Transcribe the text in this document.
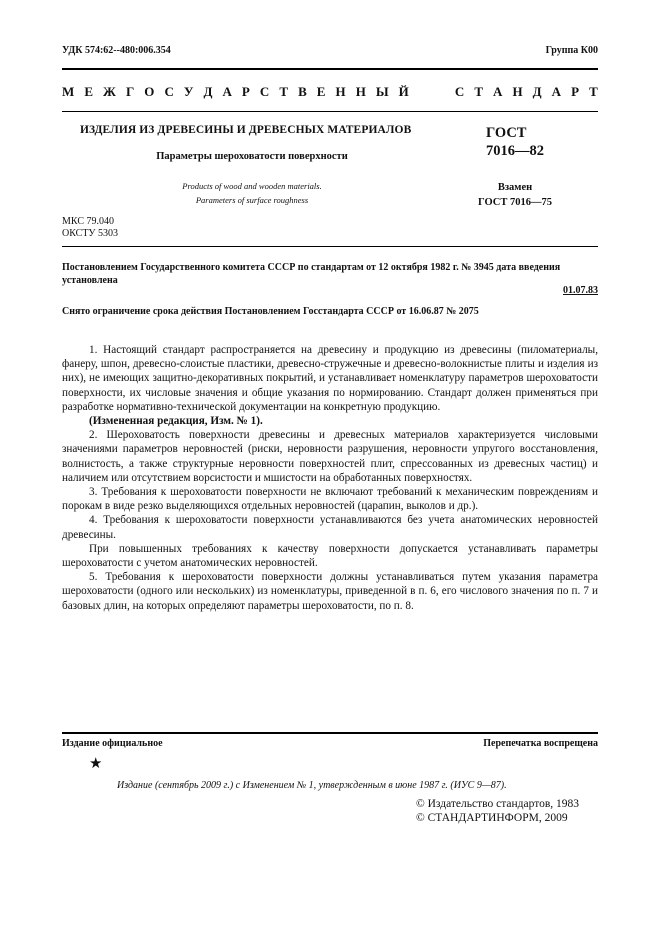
УДК 574:62--480:006.354	Группа К00
М Е Ж Г О С У Д А Р С Т В Е Н Н Ы Й	С Т А Н Д А Р Т
ИЗДЕЛИЯ ИЗ ДРЕВЕСИНЫ И ДРЕВЕСНЫХ МАТЕРИАЛОВ
Параметры шероховатости поверхности
Products of wood and wooden materials.
Parameters of surface roughness
ГОСТ
7016—82
Взамен
ГОСТ 7016—75
МКС 79.040
ОКСТУ 5303
Постановлением Государственного комитета СССР по стандартам от 12 октября 1982 г. № 3945 дата введения установлена
01.07.83
Снято ограничение срока действия Постановлением Госстандарта СССР от 16.06.87 № 2075

1. Настоящий стандарт распространяется на древесину и продукцию из древесины (пиломатериалы, фанеру, шпон, древесно-слоистые пластики, древесно-стружечные и древесно-волокнистые плиты и изделия из них), не имеющих защитно-декоративных покрытий, и устанавливает номенклатуру параметров шероховатости поверхности, их числовые значения и общие указания по нормированию. Стандарт должен применяться при разработке нормативно-технической документации на конкретную продукцию.

(Измененная редакция, Изм. № 1).

2. Шероховатость поверхности древесины и древесных материалов характеризуется числовыми значениями параметров неровностей (риски, неровности разрушения, неровности упругого восстановления, волнистость, а также структурные неровности поверхностей плит, спрессованных из древесных частиц) и наличием или отсутствием ворсистости и мшистости на обработанных поверхностях.

3. Требования к шероховатости поверхности не включают требований к механическим повреждениям и порокам в виде резко выделяющихся отдельных неровностей (царапин, выколов и др.).

4. Требования к шероховатости поверхности устанавливаются без учета анатомических неровностей древесины.

При повышенных требованиях к качеству поверхности допускается устанавливать параметры шероховатости с учетом анатомических неровностей.

5. Требования к шероховатости поверхности должны устанавливаться путем указания параметра шероховатости (одного или нескольких) из номенклатуры, приведенной в п. 6, его числового значения по п. 7 и базовых длин, на которых определяют параметры шероховатости, по п. 8.

Издание официальное	Перепечатка воспрещена
★
Издание (сентябрь 2009 г.) с Изменением № 1, утвержденным в июне 1987 г. (ИУС 9—87).
© Издательство стандартов, 1983
© СТАНДАРТИНФОРМ, 2009
